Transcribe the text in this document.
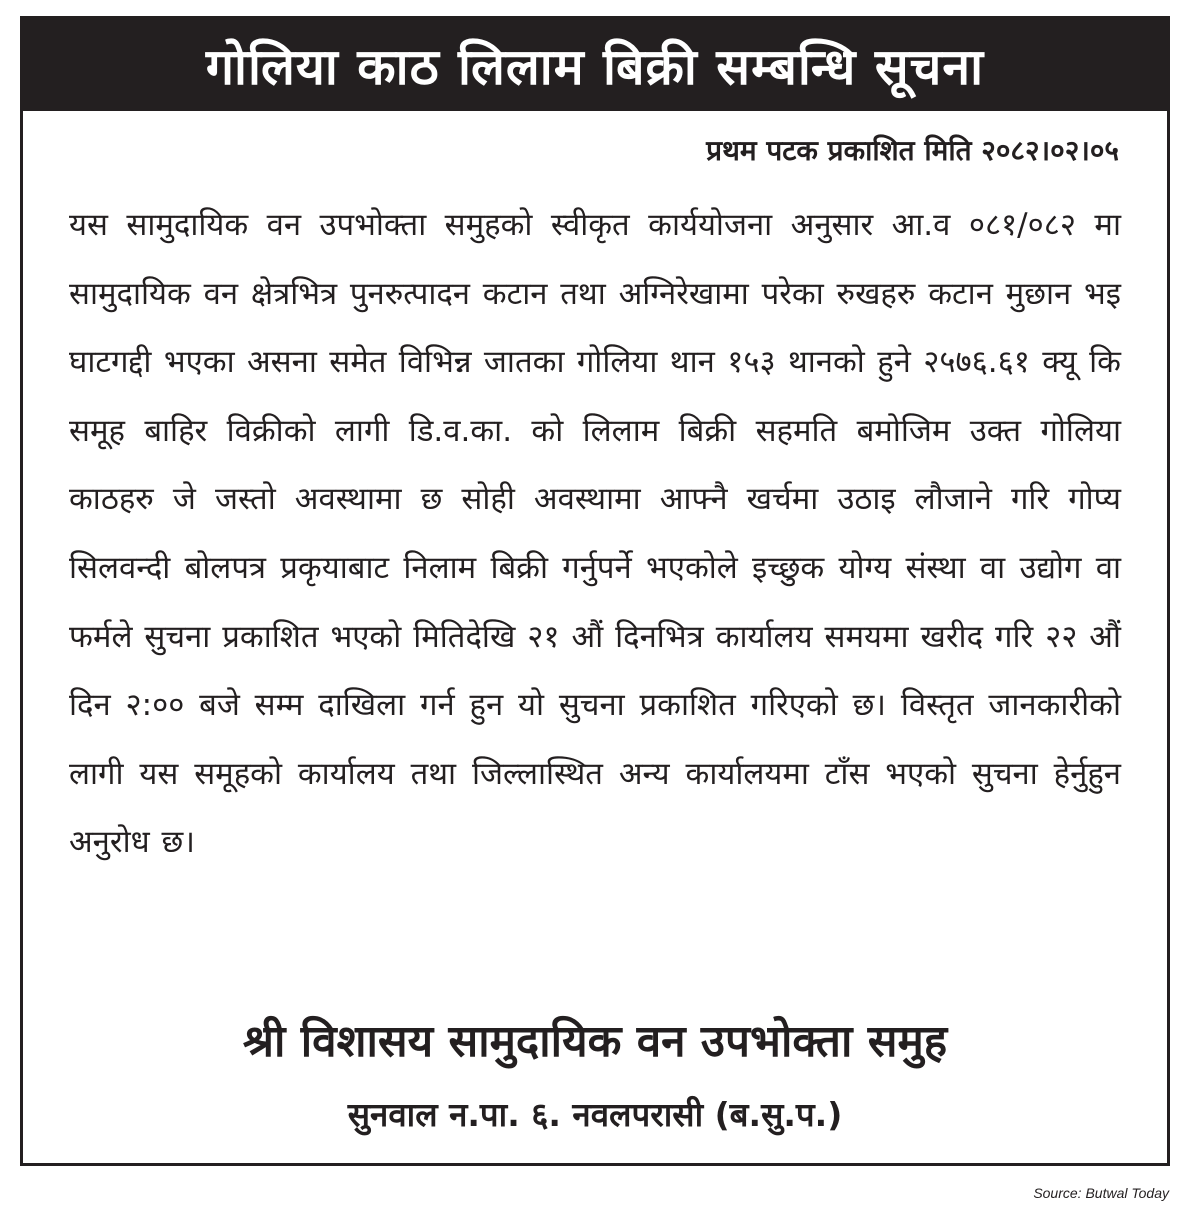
गोलिया काठ लिलाम बिक्री सम्बन्धि सूचना
प्रथम पटक प्रकाशित मिति २०८२।०२।०५
यस सामुदायिक वन उपभोक्ता समुहको स्वीकृत कार्ययोजना अनुसार आ.व ०८१/०८२ मा सामुदायिक वन क्षेत्रभित्र पुनरुत्पादन कटान तथा अग्निरेखामा परेका रुखहरु कटान मुछान भइ घाटगद्दी भएका असना समेत विभिन्न जातका गोलिया थान १५३ थानको हुने २५७६.६१ क्यू कि समूह बाहिर विक्रीको लागी डि.व.का. को लिलाम बिक्री सहमति बमोजिम उक्त गोलिया काठहरु जे जस्तो अवस्थामा छ सोही अवस्थामा आफ्नै खर्चमा उठाइ लौजाने गरि गोप्य सिलवन्दी बोलपत्र प्रकृयाबाट निलाम बिक्री गर्नुपर्ने भएकोले इच्छुक योग्य संस्था वा उद्योग वा फर्मले सुचना प्रकाशित भएको मितिदेखि २१ औं दिनभित्र कार्यालय समयमा खरीद गरि २२ औं दिन २:०० बजे सम्म दाखिला गर्न हुन यो सुचना प्रकाशित गरिएको छ। विस्तृत जानकारीको लागी यस समूहको कार्यालय तथा जिल्लास्थित अन्य कार्यालयमा टाँस भएको सुचना हेर्नुहुन अनुरोध छ।
श्री विशासय सामुदायिक वन उपभोक्ता समुह
सुनवाल न.पा. ६. नवलपरासी (ब.सु.प.)
Source: Butwal Today
